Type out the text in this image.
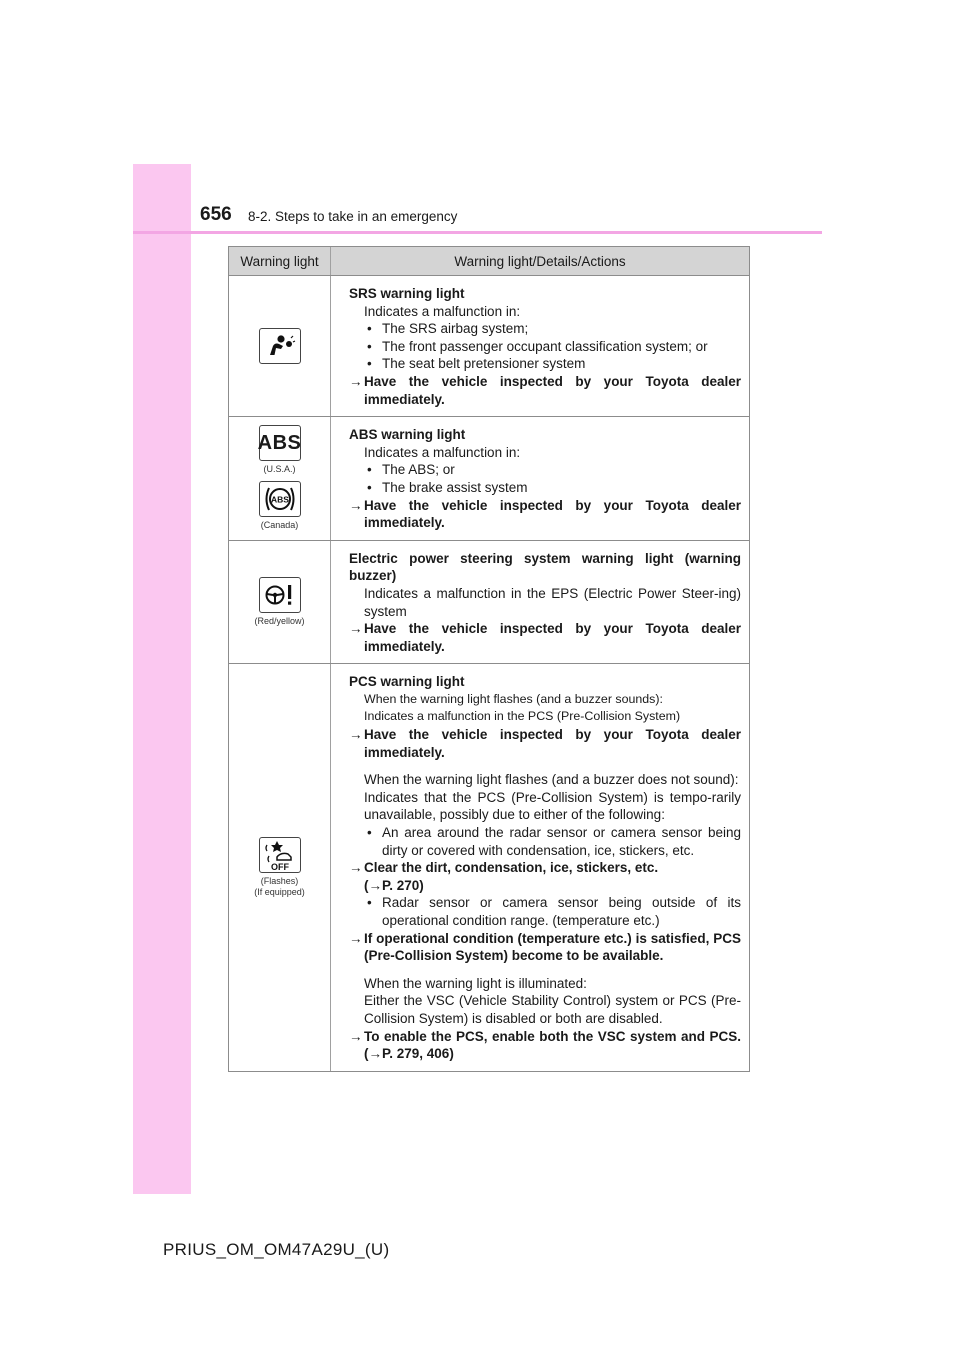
656 8-2. Steps to take in an emergency
Warning light	Warning light/Details/Actions
SRS warning light
Indicates a malfunction in:
• The SRS airbag system;
• The front passenger occupant classification system; or
• The seat belt pretensioner system
→ Have the vehicle inspected by your Toyota dealer immediately.
ABS
(U.S.A.)
ABS
(Canada)
ABS warning light
Indicates a malfunction in:
• The ABS; or
• The brake assist system
→ Have the vehicle inspected by your Toyota dealer immediately.
(Red/yellow)
Electric power steering system warning light (warning buzzer)
Indicates a malfunction in the EPS (Electric Power Steer-ing) system
→ Have the vehicle inspected by your Toyota dealer immediately.
OFF
(Flashes)
(If equipped)
PCS warning light
When the warning light flashes (and a buzzer sounds):
Indicates a malfunction in the PCS (Pre-Collision System)
→ Have the vehicle inspected by your Toyota dealer immediately.
When the warning light flashes (and a buzzer does not sound):
Indicates that the PCS (Pre-Collision System) is tempo-rarily unavailable, possibly due to either of the following:
• An area around the radar sensor or camera sensor being dirty or covered with condensation, ice, stickers, etc.
→ Clear the dirt, condensation, ice, stickers, etc.
(→P. 270)
• Radar sensor or camera sensor being outside of its operational condition range. (temperature etc.)
→ If operational condition (temperature etc.) is satisfied, PCS (Pre-Collision System) become to be available.
When the warning light is illuminated:
Either the VSC (Vehicle Stability Control) system or PCS (Pre-Collision System) is disabled or both are disabled.
→ To enable the PCS, enable both the VSC system and PCS. (→P. 279, 406)
PRIUS_OM_OM47A29U_(U)
